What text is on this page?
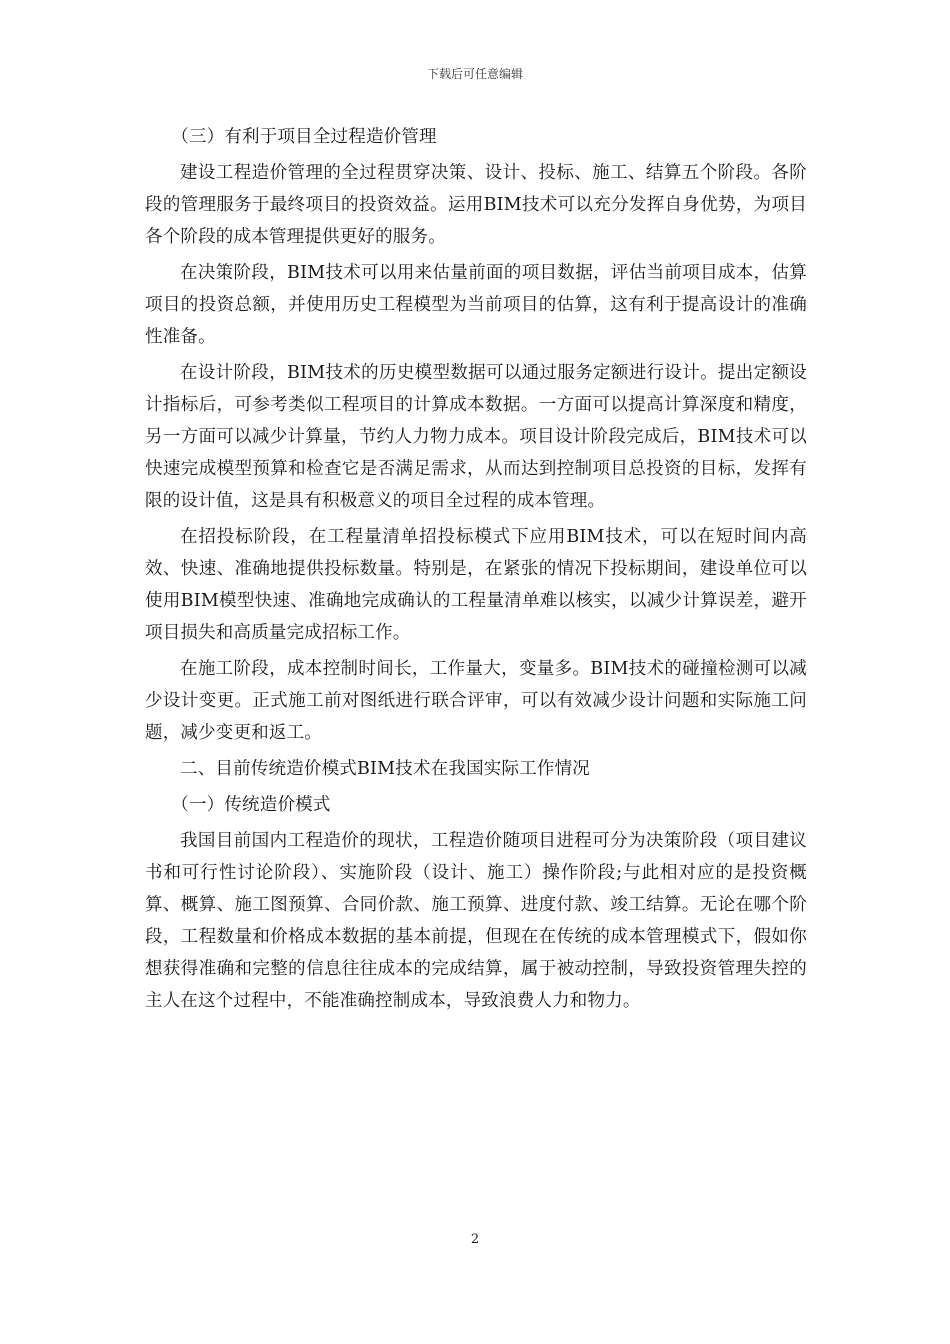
下载后可任意编辑

（三）有利于项目全过程造价管理

建设工程造价管理的全过程贯穿决策、设计、投标、施工、结算五个阶段。各阶段的管理服务于最终项目的投资效益。运用BIM技术可以充分发挥自身优势，为项目各个阶段的成本管理提供更好的服务。

在决策阶段，BIM技术可以用来估量前面的项目数据，评估当前项目成本，估算项目的投资总额，并使用历史工程模型为当前项目的估算，这有利于提高设计的准确性准备。

在设计阶段，BIM技术的历史模型数据可以通过服务定额进行设计。提出定额设计指标后，可参考类似工程项目的计算成本数据。一方面可以提高计算深度和精度，另一方面可以减少计算量，节约人力物力成本。项目设计阶段完成后，BIM技术可以快速完成模型预算和检查它是否满足需求，从而达到控制项目总投资的目标，发挥有限的设计值，这是具有积极意义的项目全过程的成本管理。

在招投标阶段，在工程量清单招投标模式下应用BIM技术，可以在短时间内高效、快速、准确地提供投标数量。特别是，在紧张的情况下投标期间，建设单位可以使用BIM模型快速、准确地完成确认的工程量清单难以核实，以减少计算误差，避开项目损失和高质量完成招标工作。

在施工阶段，成本控制时间长，工作量大，变量多。BIM技术的碰撞检测可以减少设计变更。正式施工前对图纸进行联合评审，可以有效减少设计问题和实际施工问题，减少变更和返工。

二、目前传统造价模式BIM技术在我国实际工作情况

（一）传统造价模式

我国目前国内工程造价的现状，工程造价随项目进程可分为决策阶段（项目建议书和可行性讨论阶段）、实施阶段（设计、施工）操作阶段;与此相对应的是投资概算、概算、施工图预算、合同价款、施工预算、进度付款、竣工结算。无论在哪个阶段，工程数量和价格成本数据的基本前提，但现在在传统的成本管理模式下，假如你想获得准确和完整的信息往往成本的完成结算，属于被动控制，导致投资管理失控的主人在这个过程中，不能准确控制成本，导致浪费人力和物力。

2
